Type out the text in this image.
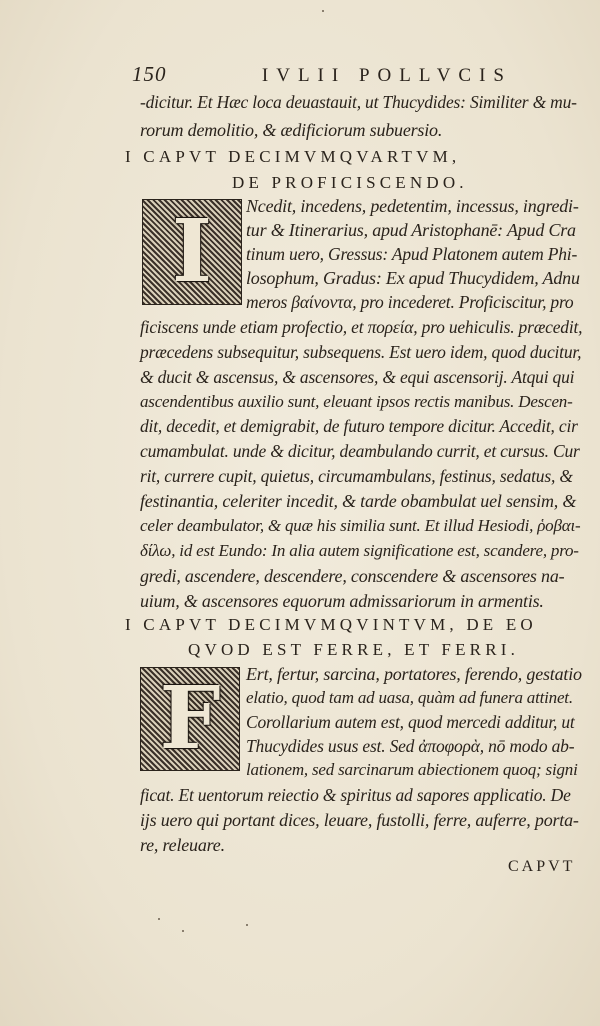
150	IVLII POLLVCIS
-dicitur. Et Hæc loca deuastauit, ut Thucydides: Similiter & mu-
rorum demolitio, & ædificiorum subuersio.
I CAPVT DECIMVMQVARTVM,
DE PROFICISCENDO.
I Ncedit, incedens, pedetentim, incessus, ingredi-
tur & Itinerarius, apud Aristophanē: Apud Cra
tinum uero, Gressus: Apud Platonem autem Phi-
losophum, Gradus: Ex apud Thucydidem, Adnu
meros βαίνοντα, pro incederet. Proficiscitur, pro
ficiscens unde etiam profectio, et πορεία, pro uehiculis. præcedit,
præcedens subsequitur, subsequens. Est uero idem, quod ducitur,
& ducit & ascensus, & ascensores, & equi ascensorij. Atqui qui
ascendentibus auxilio sunt, eleuant ipsos rectis manibus. Descen-
dit, decedit, et demigrabit, de futuro tempore dicitur. Accedit, cir
cumambulat. unde & dicitur, deambulando currit, et cursus. Cur
rit, currere cupit, quietus, circumambulans, festinus, sedatus, &
festinantia, celeriter incedit, & tarde obambulat uel sensim, &
celer deambulator, & quæ his similia sunt. Et illud Hesiodi, ῥοβαι-
δίλω, id est Eundo: In alia autem significatione est, scandere, pro-
gredi, ascendere, descendere, conscendere & ascensores na-
uium, & ascensores equorum admissariorum in armentis.
I CAPVT DECIMVMQVINTVM, DE EO
QVOD EST FERRE, ET FERRI.
F Ert, fertur, sarcina, portatores, ferendo, gestatio
elatio, quod tam ad uasa, quàm ad funera attinet.
Corollarium autem est, quod mercedi additur, ut
Thucydides usus est. Sed ἀποφορὰ, nō modo ab-
lationem, sed sarcinarum abiectionem quoq; signi
ficat. Et uentorum reiectio & spiritus ad sapores applicatio. De
ijs uero qui portant dices, leuare, fustolli, ferre, auferre, porta-
re, releuare.
CAPVT
